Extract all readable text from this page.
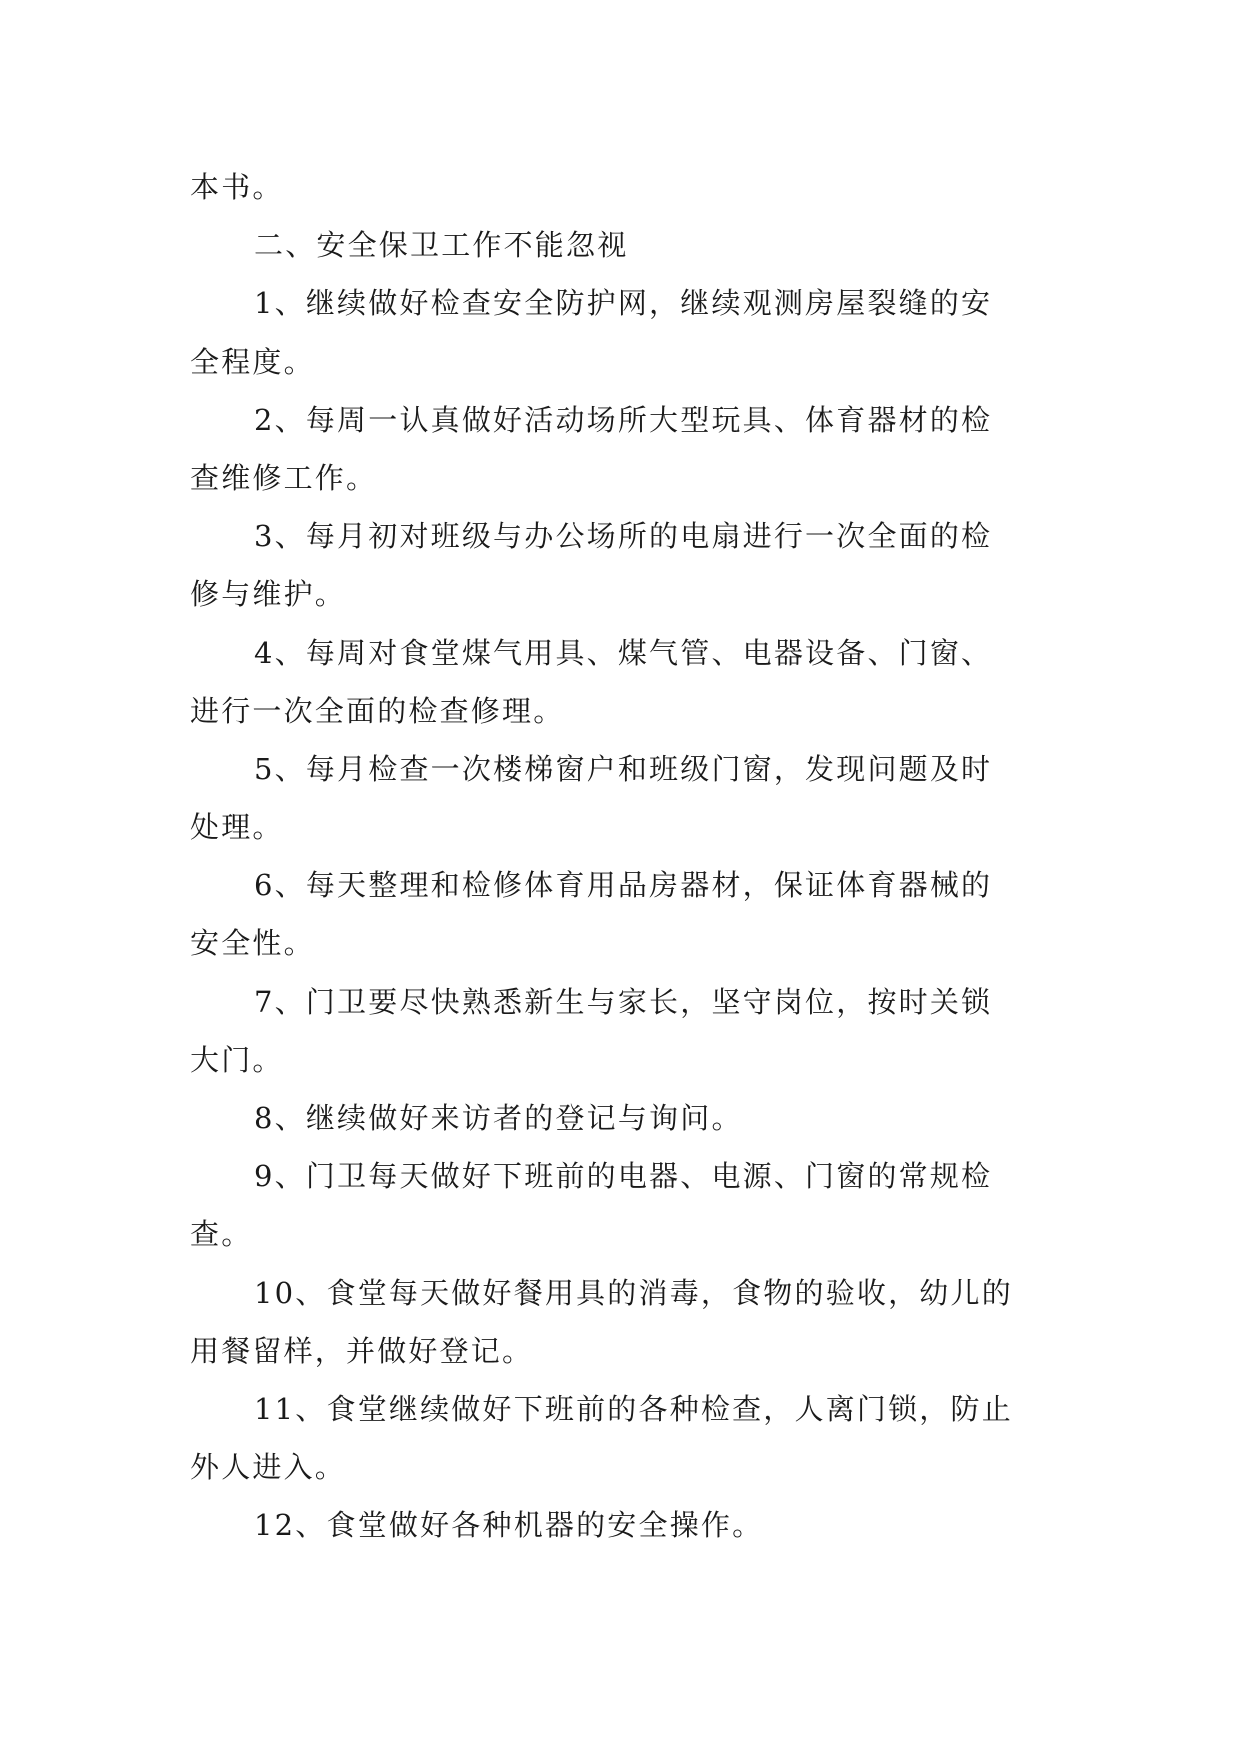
本书。
二、安全保卫工作不能忽视
1、继续做好检查安全防护网，继续观测房屋裂缝的安
全程度。
2、每周一认真做好活动场所大型玩具、体育器材的检
查维修工作。
3、每月初对班级与办公场所的电扇进行一次全面的检
修与维护。
4、每周对食堂煤气用具、煤气管、电器设备、门窗、
进行一次全面的检查修理。
5、每月检查一次楼梯窗户和班级门窗，发现问题及时
处理。
6、每天整理和检修体育用品房器材，保证体育器械的
安全性。
7、门卫要尽快熟悉新生与家长，坚守岗位，按时关锁
大门。
8、继续做好来访者的登记与询问。
9、门卫每天做好下班前的电器、电源、门窗的常规检
查。
10、食堂每天做好餐用具的消毒，食物的验收，幼儿的
用餐留样，并做好登记。
11、食堂继续做好下班前的各种检查，人离门锁，防止
外人进入。
12、食堂做好各种机器的安全操作。
